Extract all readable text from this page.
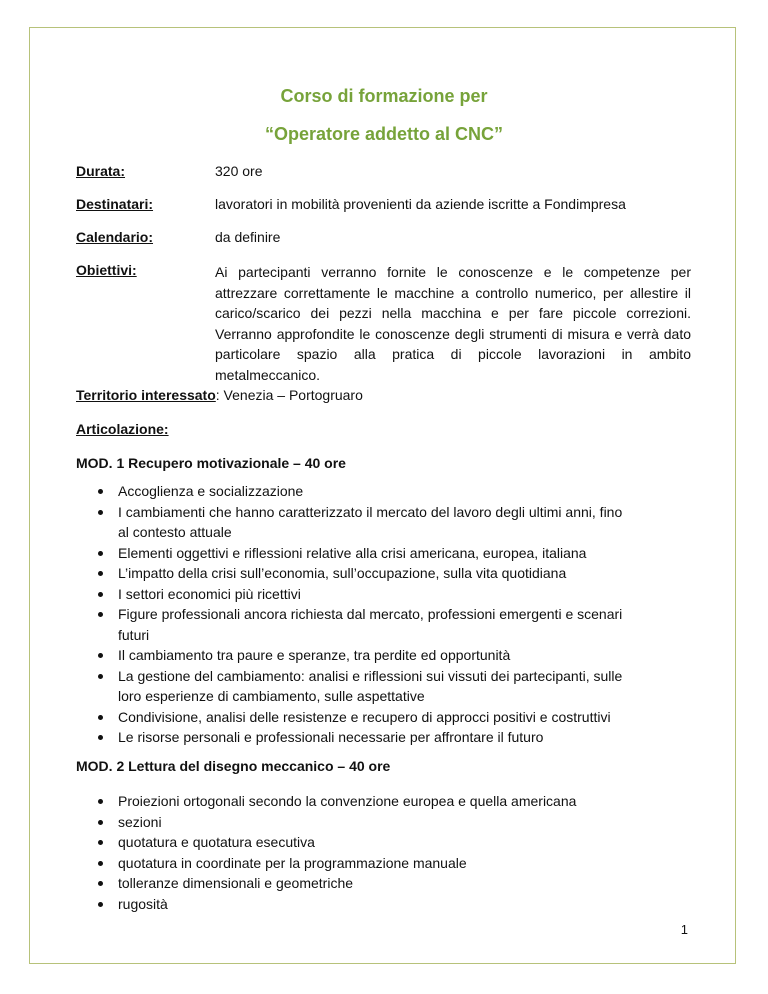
Corso di formazione per
“Operatore addetto al CNC”
Durata:	320 ore
Destinatari:	lavoratori in mobilità provenienti da aziende iscritte a Fondimpresa
Calendario:	da definire
Obiettivi:	Ai partecipanti verranno fornite le conoscenze e le competenze per attrezzare correttamente le macchine a controllo numerico, per allestire il carico/scarico dei pezzi nella macchina e per fare piccole correzioni. Verranno approfondite le conoscenze degli strumenti di misura e verrà dato particolare spazio alla pratica di piccole lavorazioni in ambito metalmeccanico.
Territorio interessato: Venezia – Portogruaro
Articolazione:
MOD. 1 Recupero motivazionale – 40 ore
Accoglienza e socializzazione
I cambiamenti che hanno caratterizzato il mercato del lavoro degli ultimi anni, fino al contesto attuale
Elementi oggettivi e riflessioni relative alla crisi americana, europea, italiana
L’impatto della crisi sull’economia, sull’occupazione, sulla vita quotidiana
I settori economici più ricettivi
Figure professionali ancora richiesta dal mercato, professioni emergenti e scenari futuri
Il cambiamento tra paure e speranze, tra perdite ed opportunità
La gestione del cambiamento: analisi e riflessioni sui vissuti dei partecipanti, sulle loro esperienze di cambiamento, sulle aspettative
Condivisione, analisi delle resistenze e recupero di approcci positivi e costruttivi
Le risorse personali e professionali necessarie per affrontare il futuro
MOD. 2 Lettura del disegno meccanico – 40 ore
Proiezioni ortogonali secondo la convenzione europea e quella americana
sezioni
quotatura e quotatura esecutiva
quotatura in coordinate per la programmazione manuale
tolleranze dimensionali e geometriche
rugosità
1
